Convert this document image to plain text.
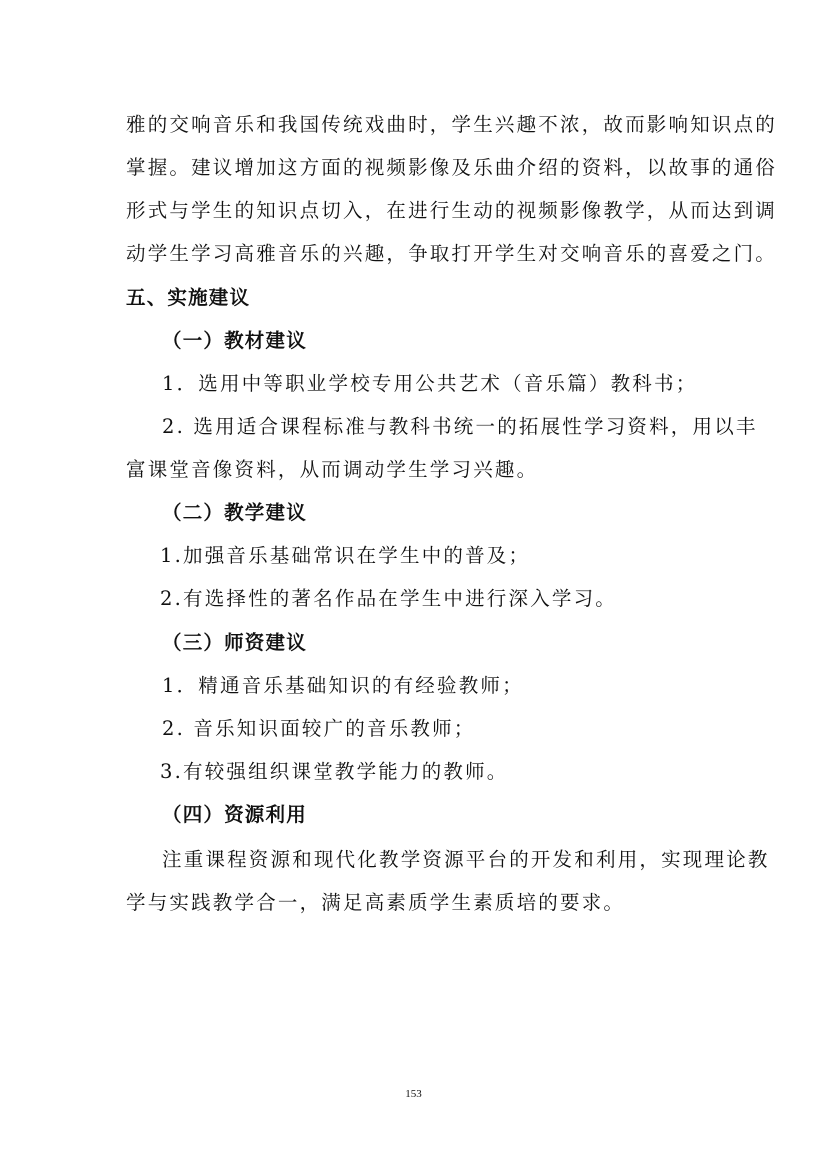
雅的交响音乐和我国传统戏曲时，学生兴趣不浓，故而影响知识点的
掌握。建议增加这方面的视频影像及乐曲介绍的资料，以故事的通俗
形式与学生的知识点切入，在进行生动的视频影像教学，从而达到调
动学生学习高雅音乐的兴趣，争取打开学生对交响音乐的喜爱之门。
五、实施建议
（一）教材建议
1．选用中等职业学校专用公共艺术（音乐篇）教科书；
2. 选用适合课程标准与教科书统一的拓展性学习资料，用以丰
富课堂音像资料，从而调动学生学习兴趣。
（二）教学建议
1.加强音乐基础常识在学生中的普及；
2.有选择性的著名作品在学生中进行深入学习。
（三）师资建议
1．精通音乐基础知识的有经验教师；
2. 音乐知识面较广的音乐教师；
3.有较强组织课堂教学能力的教师。
（四）资源利用
注重课程资源和现代化教学资源平台的开发和利用，实现理论教
学与实践教学合一，满足高素质学生素质培的要求。
153
